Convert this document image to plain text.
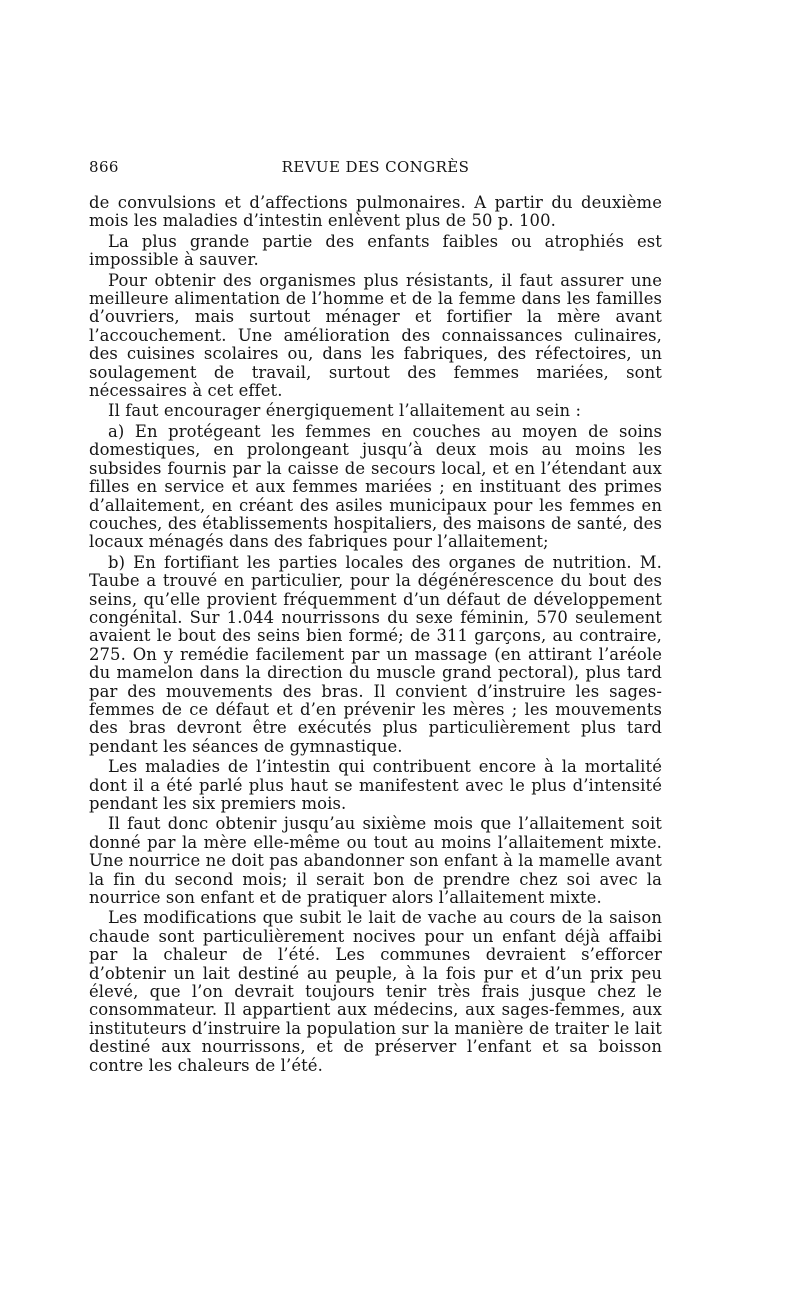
866	REVUE DES CONGRÈS

de convulsions et d’affections pulmonaires. A partir du deuxième mois les maladies d’intestin enlèvent plus de 50 p. 100.

La plus grande partie des enfants faibles ou atrophiés est impossible à sauver.

Pour obtenir des organismes plus résistants, il faut assurer une meilleure alimentation de l’homme et de la femme dans les familles d’ouvriers, mais surtout ménager et fortifier la mère avant l’accouchement. Une amélioration des connaissances culinaires, des cuisines scolaires ou, dans les fabriques, des réfectoires, un soulagement de travail, surtout des femmes mariées, sont nécessaires à cet effet.

Il faut encourager énergiquement l’allaitement au sein :

a) En protégeant les femmes en couches au moyen de soins domestiques, en prolongeant jusqu’à deux mois au moins les subsides fournis par la caisse de secours local, et en l’étendant aux filles en service et aux femmes mariées ; en instituant des primes d’allaitement, en créant des asiles municipaux pour les femmes en couches, des établissements hospitaliers, des maisons de santé, des locaux ménagés dans des fabriques pour l’allaitement;

b) En fortifiant les parties locales des organes de nutrition. M. Taube a trouvé en particulier, pour la dégénérescence du bout des seins, qu’elle provient fréquemment d’un défaut de développement congénital. Sur 1.044 nourrissons du sexe féminin, 570 seulement avaient le bout des seins bien formé; de 311 garçons, au contraire, 275. On y remédie facilement par un massage (en attirant l’aréole du mamelon dans la direction du muscle grand pectoral), plus tard par des mouvements des bras. Il convient d’instruire les sages-femmes de ce défaut et d’en prévenir les mères ; les mouvements des bras devront être exécutés plus particulièrement plus tard pendant les séances de gymnastique.

Les maladies de l’intestin qui contribuent encore à la mortalité dont il a été parlé plus haut se manifestent avec le plus d’intensité pendant les six premiers mois.

Il faut donc obtenir jusqu’au sixième mois que l’allaitement soit donné par la mère elle-même ou tout au moins l’allaitement mixte. Une nourrice ne doit pas abandonner son enfant à la mamelle avant la fin du second mois; il serait bon de prendre chez soi avec la nourrice son enfant et de pratiquer alors l’allaitement mixte.

Les modifications que subit le lait de vache au cours de la saison chaude sont particulièrement nocives pour un enfant déjà affaibi par la chaleur de l’été. Les communes devraient s’efforcer d’obtenir un lait destiné au peuple, à la fois pur et d’un prix peu élevé, que l’on devrait toujours tenir très frais jusque chez le consommateur. Il appartient aux médecins, aux sages-femmes, aux instituteurs d’instruire la population sur la manière de traiter le lait destiné aux nourrissons, et de préserver l’enfant et sa boisson contre les chaleurs de l’été.
